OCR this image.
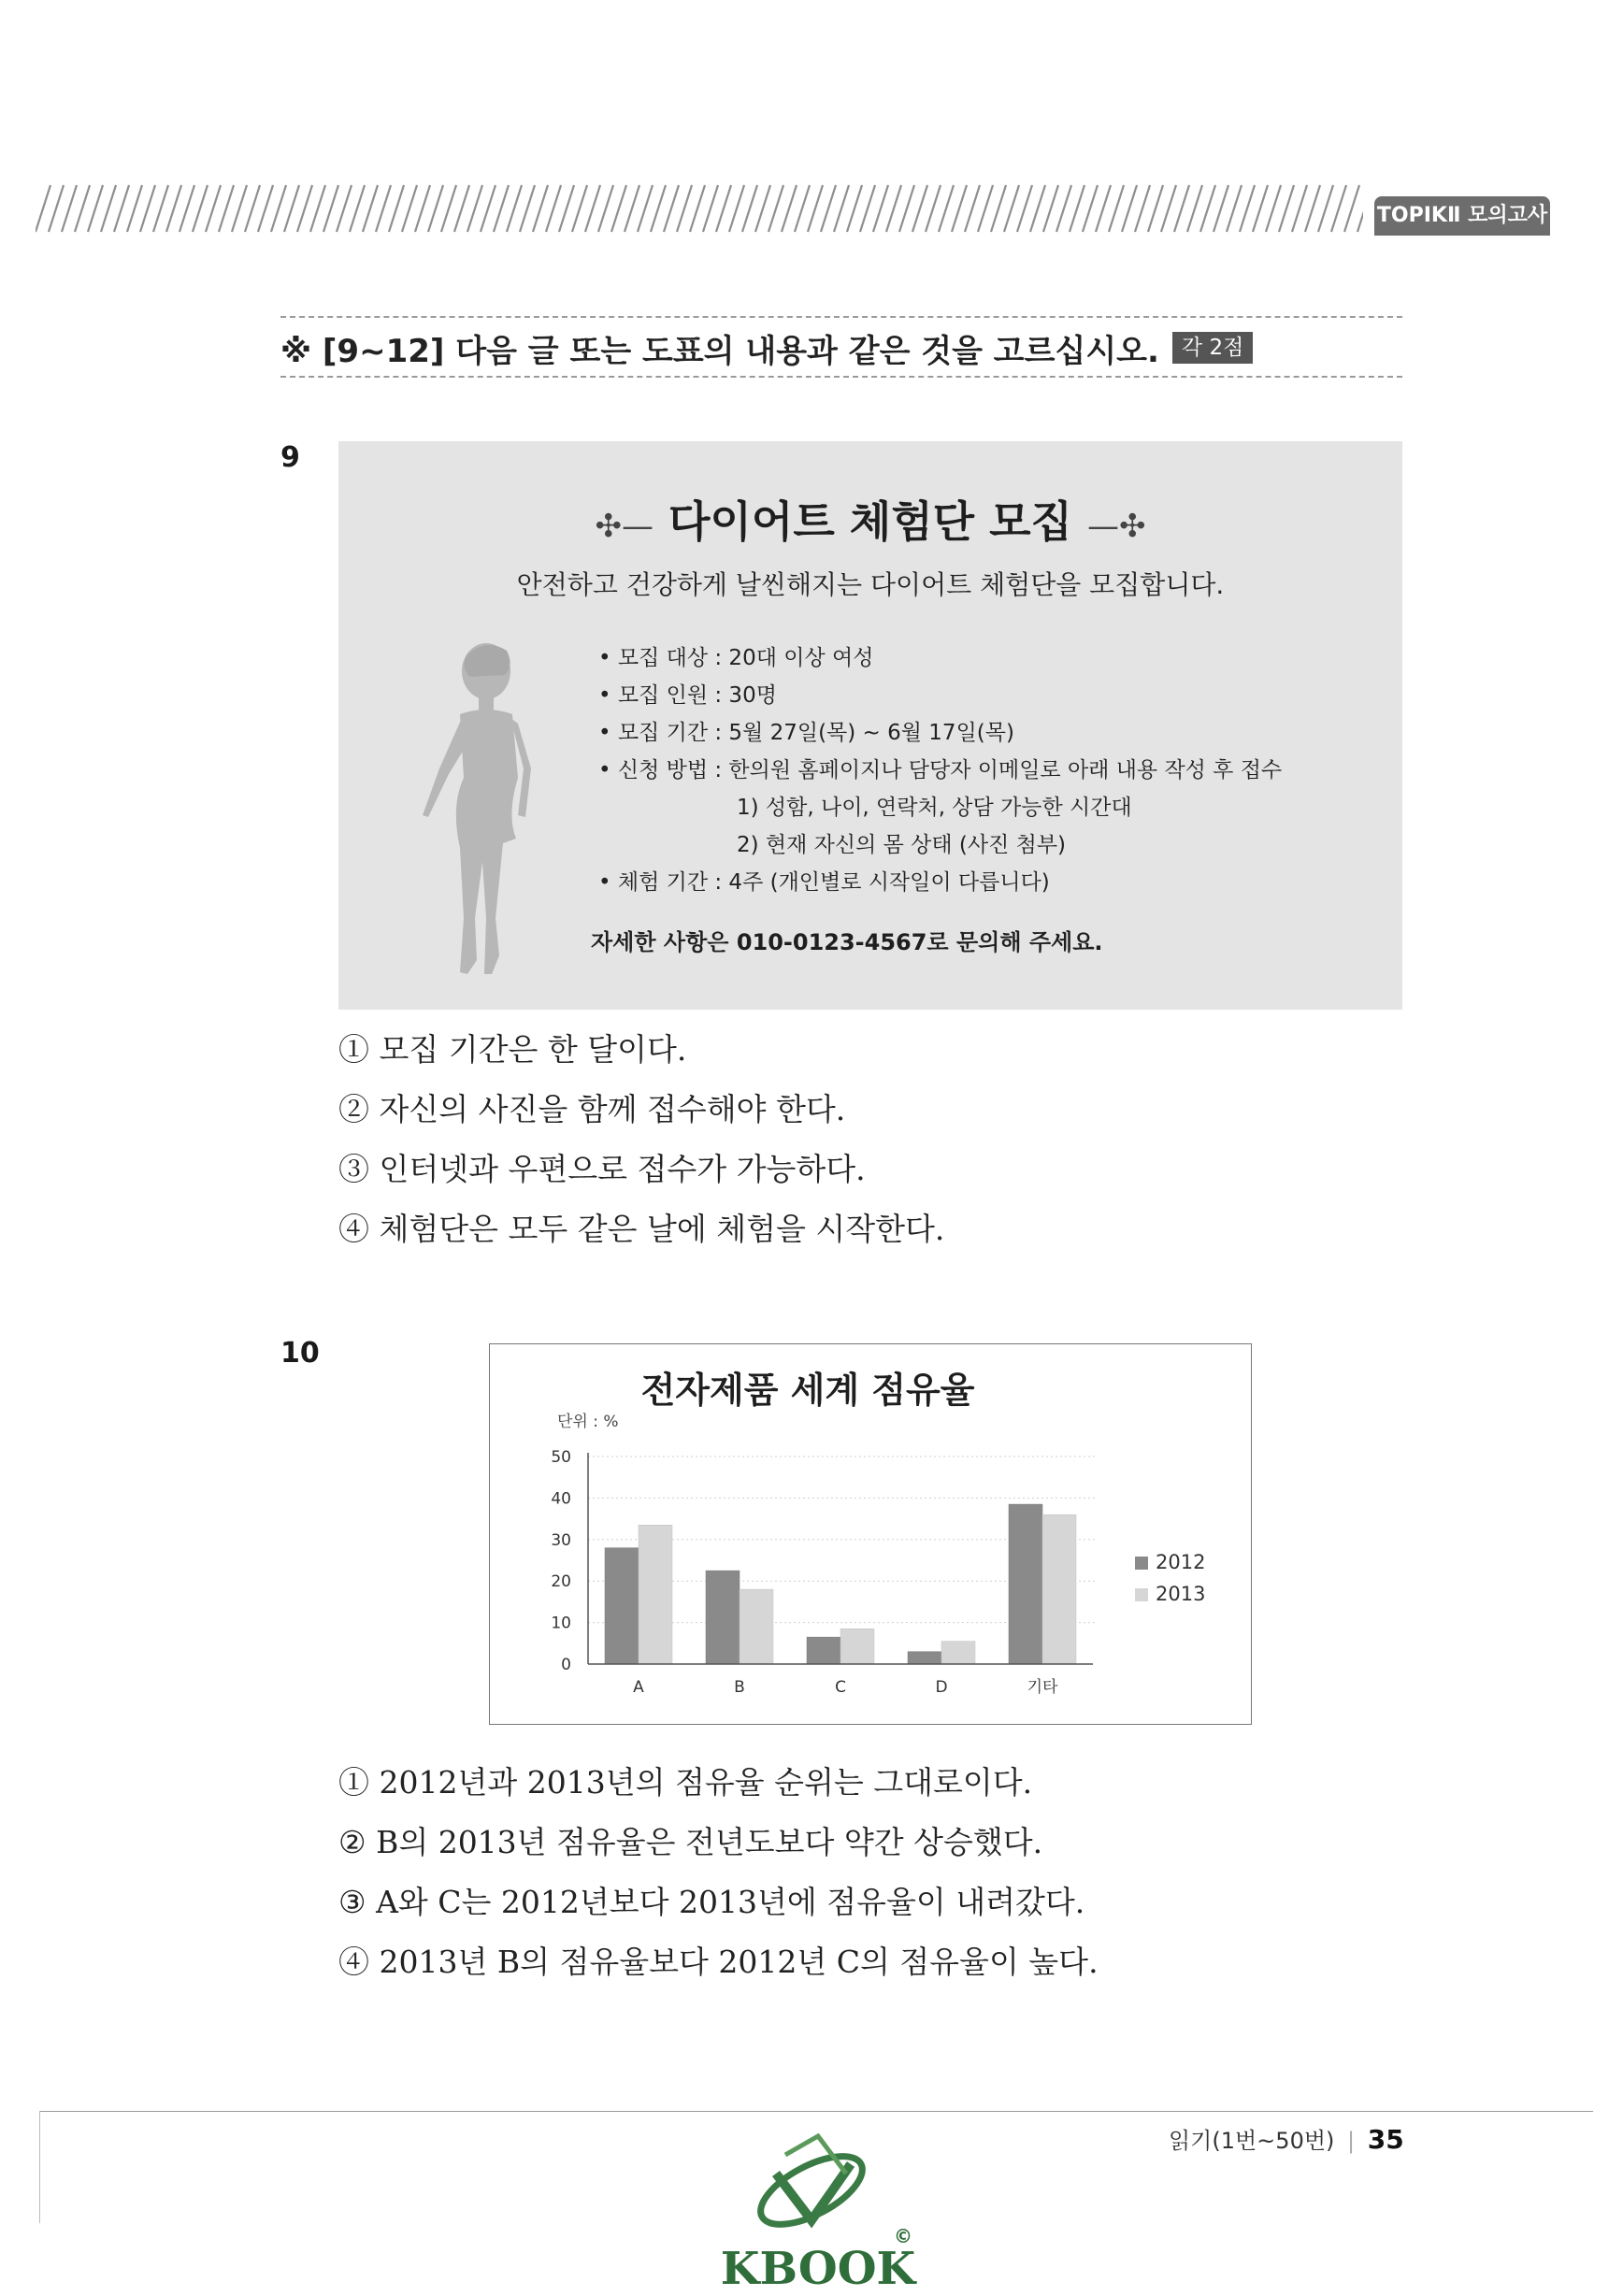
TOPIKⅡ 모의고사
※ [9~12] 다음 글 또는 도표의 내용과 같은 것을 고르십시오.	각 2점
9
✣— 다이어트 체험단 모집 —✣
안전하고 건강하게 날씬해지는 다이어트 체험단을 모집합니다.
• 모집 대상 : 20대 이상 여성
• 모집 인원 : 30명
• 모집 기간 : 5월 27일(목) ~ 6월 17일(목)
• 신청 방법 : 한의원 홈페이지나 담당자 이메일로 아래 내용 작성 후 접수
1) 성함, 나이, 연락처, 상담 가능한 시간대
2) 현재 자신의 몸 상태 (사진 첨부)
• 체험 기간 : 4주 (개인별로 시작일이 다릅니다)
자세한 사항은 010-0123-4567로 문의해 주세요.
① 모집 기간은 한 달이다.
② 자신의 사진을 함께 접수해야 한다.
③ 인터넷과 우편으로 접수가 가능하다.
④ 체험단은 모두 같은 날에 체험을 시작한다.
10
전자제품 세계 점유율
단위 : %
0
10
20
30
40
50
A	B	C	D	기타
2012
2013
① 2012년과 2013년의 점유율 순위는 그대로이다.
② B의 2013년 점유율은 전년도보다 약간 상승했다.
③ A와 C는 2012년보다 2013년에 점유율이 내려갔다.
④ 2013년 B의 점유율보다 2012년 C의 점유율이 높다.
읽기(1번~50번) | 35
©
KBOOK
